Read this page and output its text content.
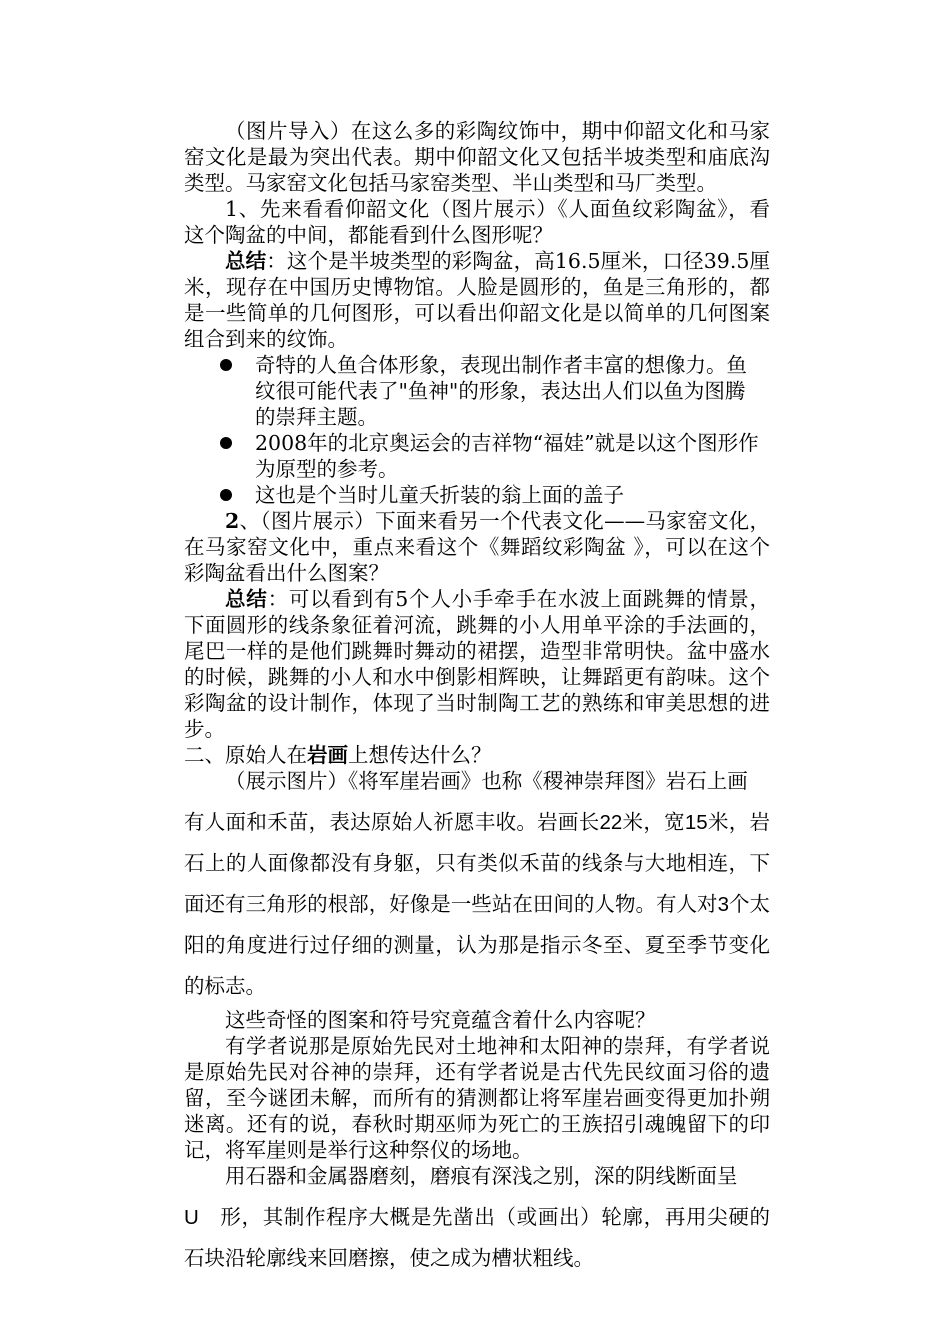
（图片导入）在这么多的彩陶纹饰中，期中仰韶文化和马家窑文化是最为突出代表。期中仰韶文化又包括半坡类型和庙底沟类型。马家窑文化包括马家窑类型、半山类型和马厂类型。

1、先来看看仰韶文化（图片展示）《人面鱼纹彩陶盆》，看这个陶盆的中间，都能看到什么图形呢？

总结：这个是半坡类型的彩陶盆，高16.5厘米，口径39.5厘米，现存在中国历史博物馆。人脸是圆形的，鱼是三角形的，都是一些简单的几何图形，可以看出仰韶文化是以简单的几何图案组合到来的纹饰。

奇特的人鱼合体形象，表现出制作者丰富的想像力。鱼纹很可能代表了"鱼神"的形象，表达出人们以鱼为图腾的崇拜主题。
2008年的北京奥运会的吉祥物“福娃”就是以这个图形作为原型的参考。
这也是个当时儿童夭折装的翁上面的盖子

2、（图片展示）下面来看另一个代表文化——马家窑文化，在马家窑文化中，重点来看这个《舞蹈纹彩陶盆 》，可以在这个彩陶盆看出什么图案？

总结：可以看到有5个人小手牵手在水波上面跳舞的情景，下面圆形的线条象征着河流，跳舞的小人用单平涂的手法画的，尾巴一样的是他们跳舞时舞动的裙摆，造型非常明快。盆中盛水的时候，跳舞的小人和水中倒影相辉映，让舞蹈更有韵味。这个彩陶盆的设计制作，体现了当时制陶工艺的熟练和审美思想的进步。

二、原始人在岩画上想传达什么？

（展示图片）《将军崖岩画》也称《稷神崇拜图》岩石上画

有人面和禾苗，表达原始人祈愿丰收。岩画长22米，宽15米，岩石上的人面像都没有身躯，只有类似禾苗的线条与大地相连，下面还有三角形的根部，好像是一些站在田间的人物。有人对3个太阳的角度进行过仔细的测量，认为那是指示冬至、夏至季节变化的标志。

这些奇怪的图案和符号究竟蕴含着什么内容呢？

有学者说那是原始先民对土地神和太阳神的崇拜，有学者说是原始先民对谷神的崇拜，还有学者说是古代先民纹面习俗的遗留，至今谜团未解，而所有的猜测都让将军崖岩画变得更加扑朔迷离。还有的说，春秋时期巫师为死亡的王族招引魂魄留下的印记，将军崖则是举行这种祭仪的场地。

用石器和金属器磨刻，磨痕有深浅之别，深的阴线断面呈

U 形，其制作程序大概是先凿出（或画出）轮廓，再用尖硬的石块沿轮廓线来回磨擦，使之成为槽状粗线。
